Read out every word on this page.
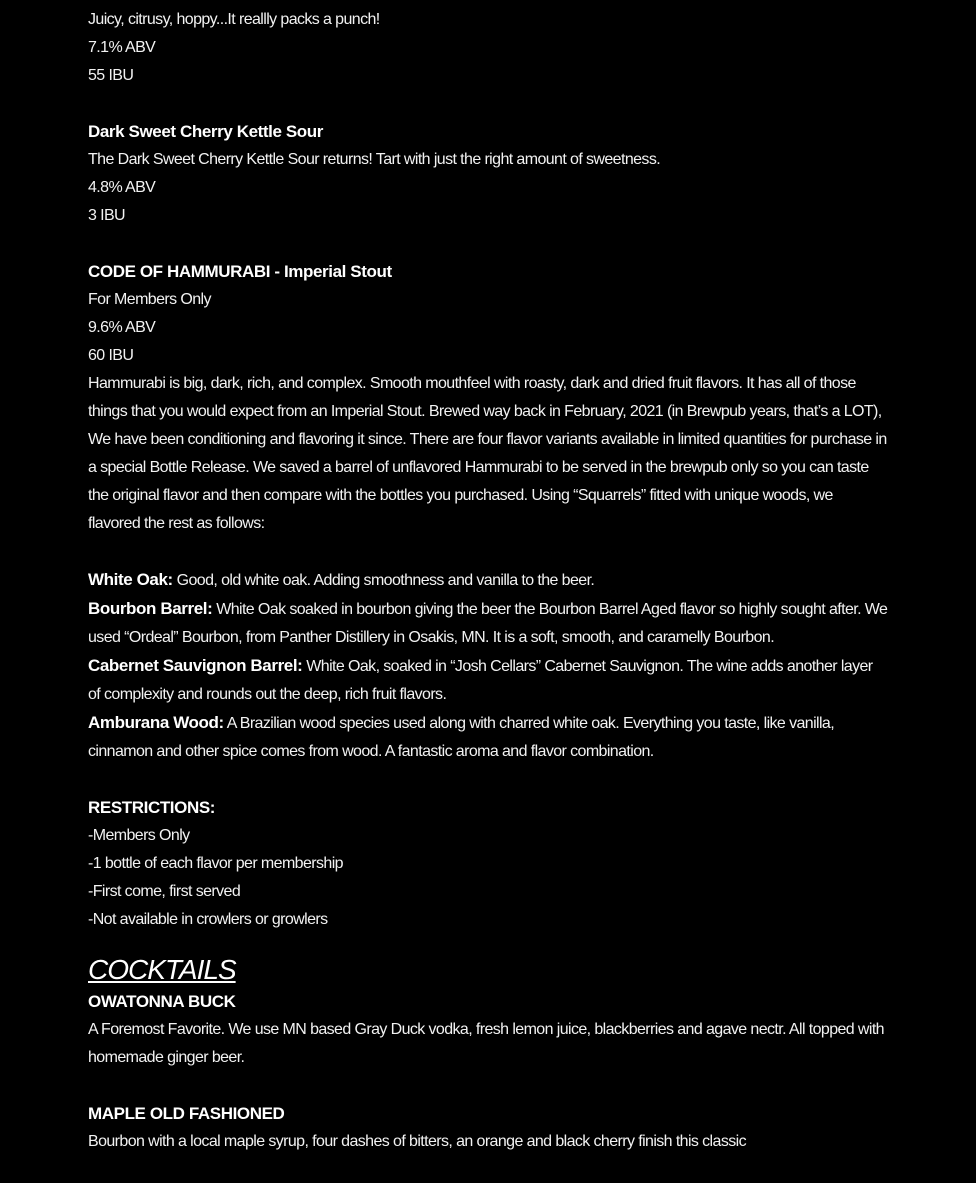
Juicy, citrusy, hoppy...It reallly packs a punch!
7.1% ABV
55 IBU
Dark Sweet Cherry Kettle Sour
The Dark Sweet Cherry Kettle Sour returns! Tart with just the right amount of sweetness.
4.8% ABV
3 IBU
CODE OF HAMMURABI - Imperial Stout
For Members Only
9.6% ABV
60 IBU
Hammurabi is big, dark, rich, and complex. Smooth mouthfeel with roasty, dark and dried fruit flavors. It has all of those things that you would expect from an Imperial Stout. Brewed way back in February, 2021 (in Brewpub years, that’s a LOT), We have been conditioning and flavoring it since. There are four flavor variants available in limited quantities for purchase in a special Bottle Release. We saved a barrel of unflavored Hammurabi to be served in the brewpub only so you can taste the original flavor and then compare with the bottles you purchased. Using “Squarrels” fitted with unique woods, we flavored the rest as follows:
White Oak: Good, old white oak. Adding smoothness and vanilla to the beer.
Bourbon Barrel: White Oak soaked in bourbon giving the beer the Bourbon Barrel Aged flavor so highly sought after. We used “Ordeal” Bourbon, from Panther Distillery in Osakis, MN. It is a soft, smooth, and caramelly Bourbon.
Cabernet Sauvignon Barrel: White Oak, soaked in “Josh Cellars” Cabernet Sauvignon. The wine adds another layer of complexity and rounds out the deep, rich fruit flavors.
Amburana Wood: A Brazilian wood species used along with charred white oak. Everything you taste, like vanilla, cinnamon and other spice comes from wood. A fantastic aroma and flavor combination.
RESTRICTIONS:
-Members Only
-1 bottle of each flavor per membership
-First come, first served
-Not available in crowlers or growlers
COCKTAILS
OWATONNA BUCK
A Foremost Favorite. We use MN based Gray Duck vodka, fresh lemon juice, blackberries and agave nectr. All topped with homemade ginger beer.
MAPLE OLD FASHIONED
Bourbon with a local maple syrup, four dashes of bitters, an orange and black cherry finish this classic
